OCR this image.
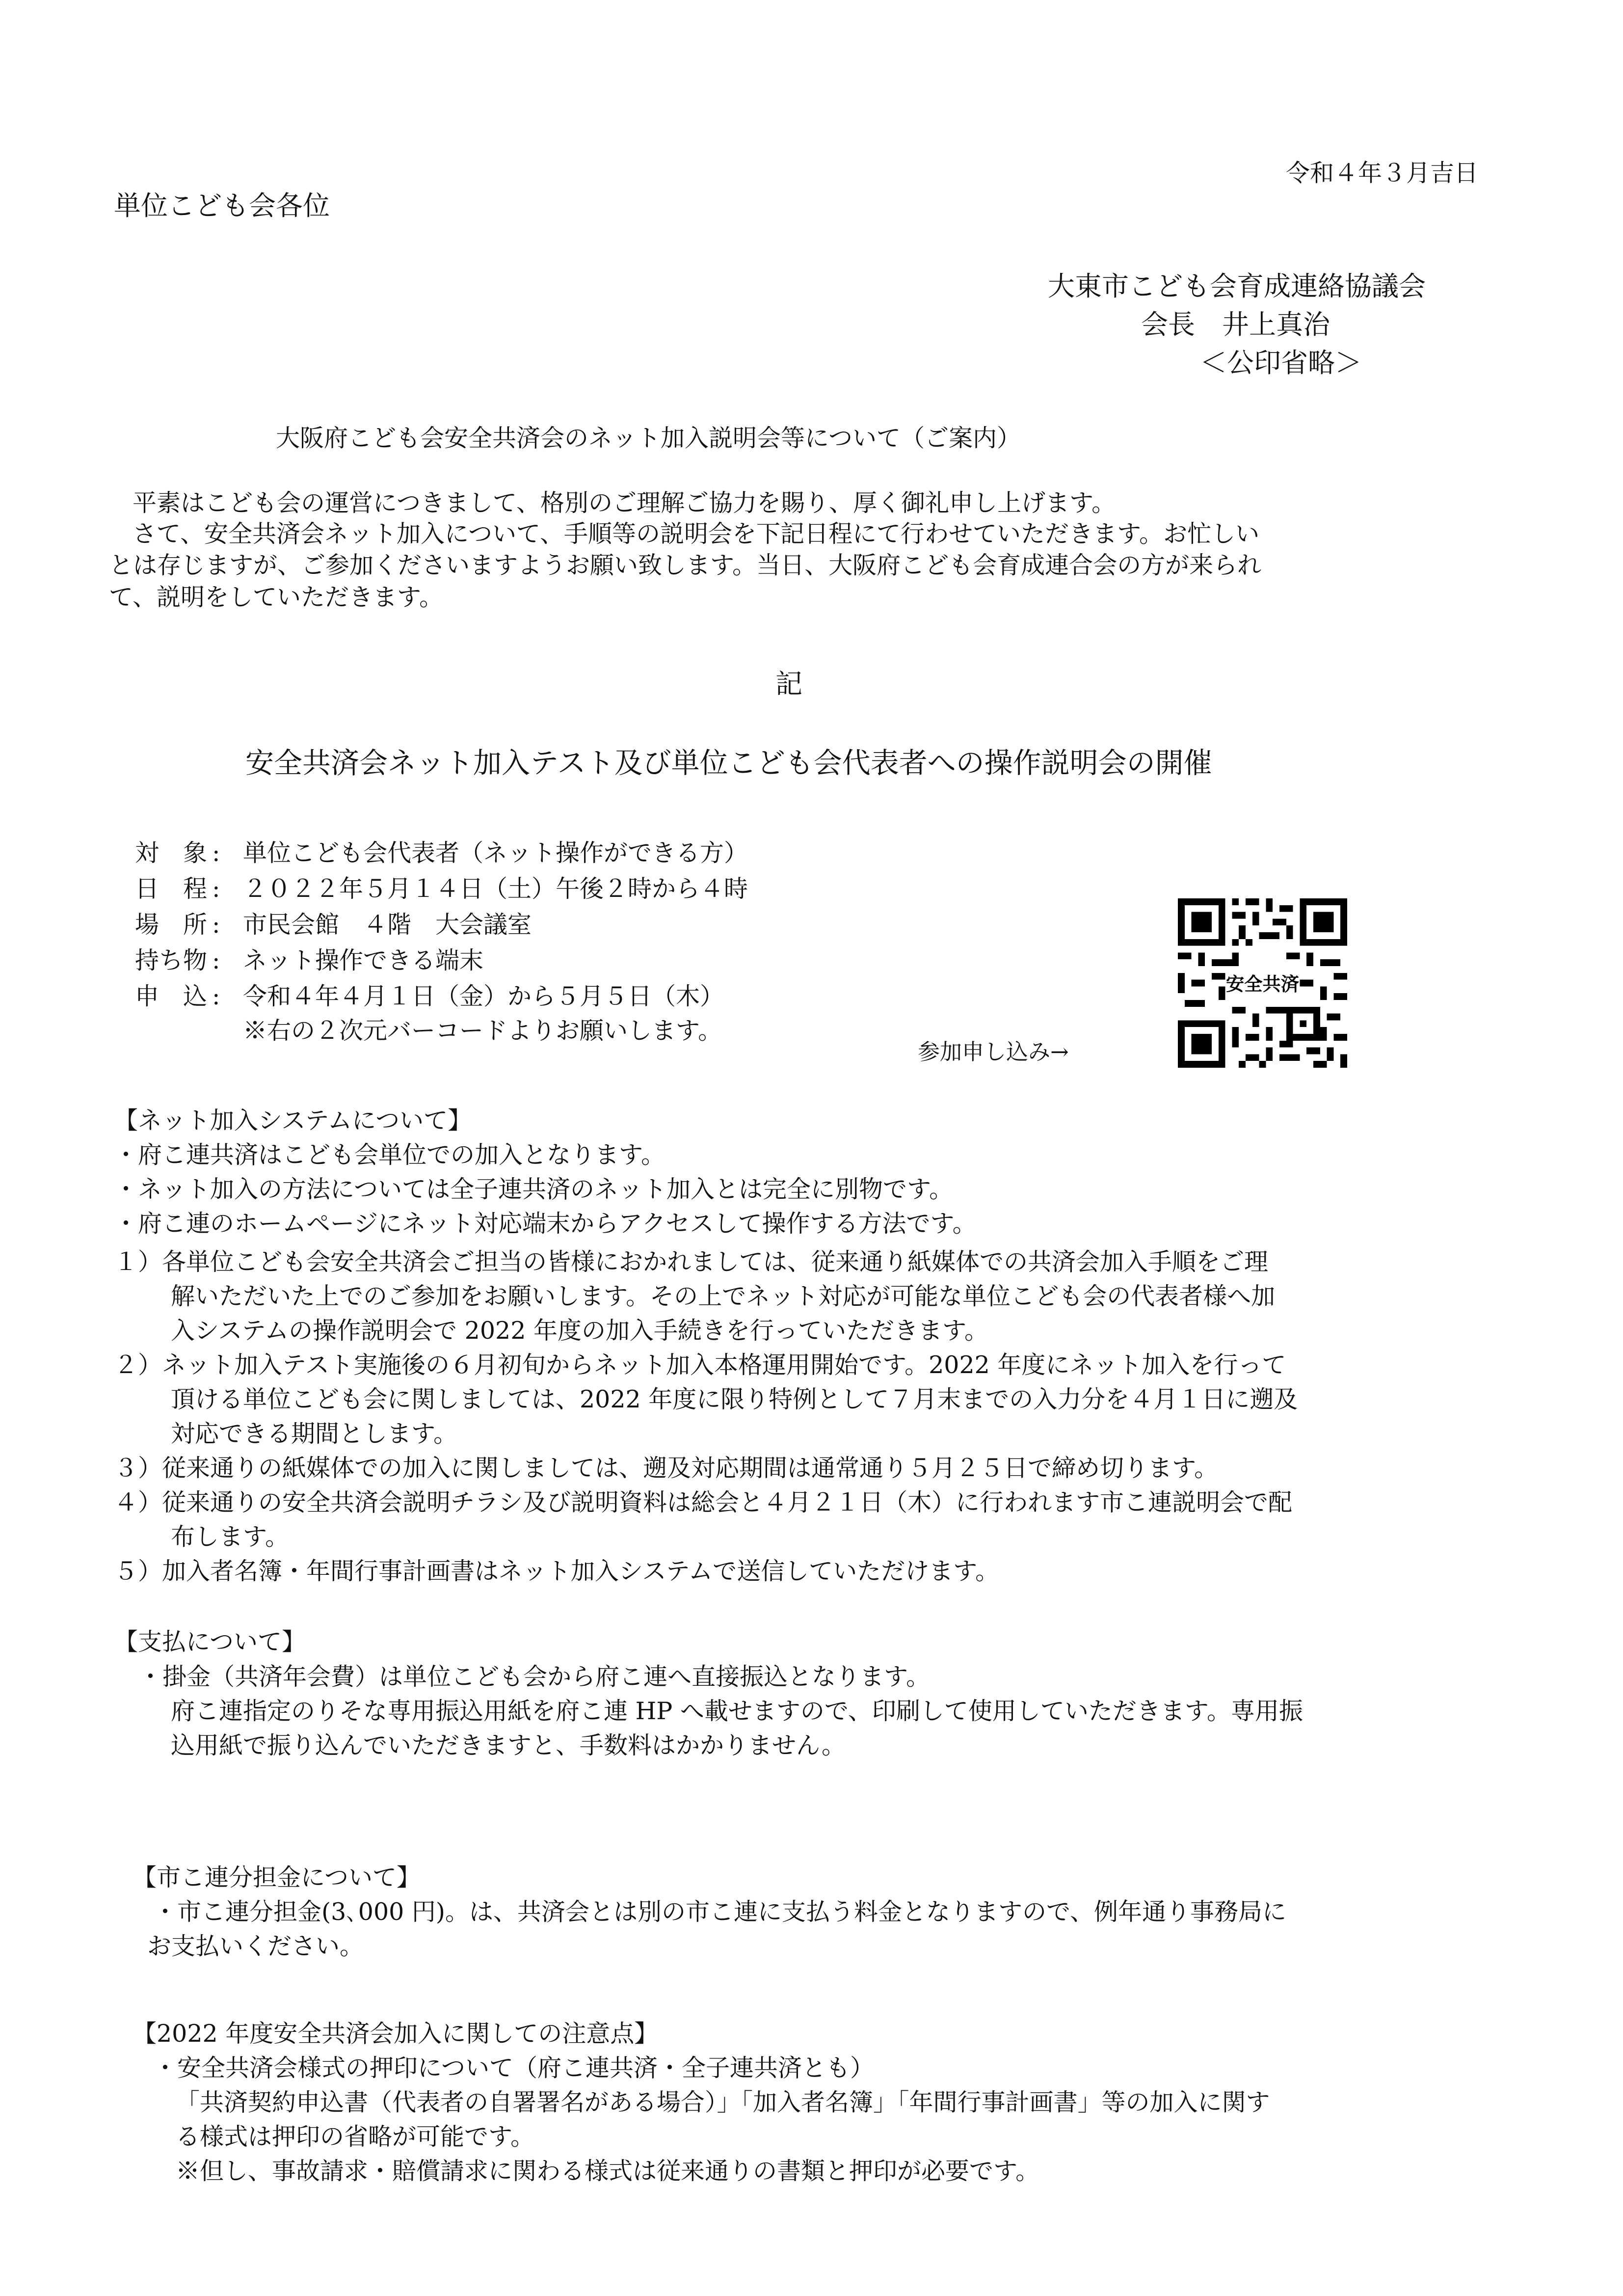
令和４年３月吉日
単位こども会各位
大東市こども会育成連絡協議会
会長　井上真治
＜公印省略＞
大阪府こども会安全共済会のネット加入説明会等について（ご案内）
平素はこども会の運営につきまして、格別のご理解ご協力を賜り、厚く御礼申し上げます。
さて、安全共済会ネット加入について、手順等の説明会を下記日程にて行わせていただきます。お忙しい
とは存じますが、ご参加くださいますようお願い致します。当日、大阪府こども会育成連合会の方が来られ
て、説明をしていただきます。
記
安全共済会ネット加入テスト及び単位こども会代表者への操作説明会の開催
対　象 : 単位こども会代表者（ネット操作ができる方）
日　程 : ２０２２年５月１４日（土）午後２時から４時
場　所 : 市民会館　４階　大会議室
持ち物 : ネット操作できる端末
申　込 : 令和４年４月１日（金）から５月５日（木）
※右の２次元バーコードよりお願いします。
参加申し込み→
安全共済
【ネット加入システムについて】
・府こ連共済はこども会単位での加入となります。
・ネット加入の方法については全子連共済のネット加入とは完全に別物です。
・府こ連のホームページにネット対応端末からアクセスして操作する方法です。
１）各単位こども会安全共済会ご担当の皆様におかれましては、従来通り紙媒体での共済会加入手順をご理
解いただいた上でのご参加をお願いします。その上でネット対応が可能な単位こども会の代表者様へ加
入システムの操作説明会で 2022 年度の加入手続きを行っていただきます。
２）ネット加入テスト実施後の６月初旬からネット加入本格運用開始です。2022 年度にネット加入を行って
頂ける単位こども会に関しましては、2022 年度に限り特例として７月末までの入力分を４月１日に遡及
対応できる期間とします。
３）従来通りの紙媒体での加入に関しましては、遡及対応期間は通常通り５月２５日で締め切ります。
４）従来通りの安全共済会説明チラシ及び説明資料は総会と４月２１日（木）に行われます市こ連説明会で配
布します。
５）加入者名簿・年間行事計画書はネット加入システムで送信していただけます。
【支払について】
・掛金（共済年会費）は単位こども会から府こ連へ直接振込となります。
府こ連指定のりそな専用振込用紙を府こ連 HP へ載せますので、印刷して使用していただきます。専用振
込用紙で振り込んでいただきますと、手数料はかかりません。
【市こ連分担金について】
・市こ連分担金(3､000 円)。は、共済会とは別の市こ連に支払う料金となりますので、例年通り事務局に
お支払いください。
【2022 年度安全共済会加入に関しての注意点】
・安全共済会様式の押印について（府こ連共済・全子連共済とも）
「共済契約申込書（代表者の自署署名がある場合）」「加入者名簿」「年間行事計画書」等の加入に関す
る様式は押印の省略が可能です。
※但し、事故請求・賠償請求に関わる様式は従来通りの書類と押印が必要です。
